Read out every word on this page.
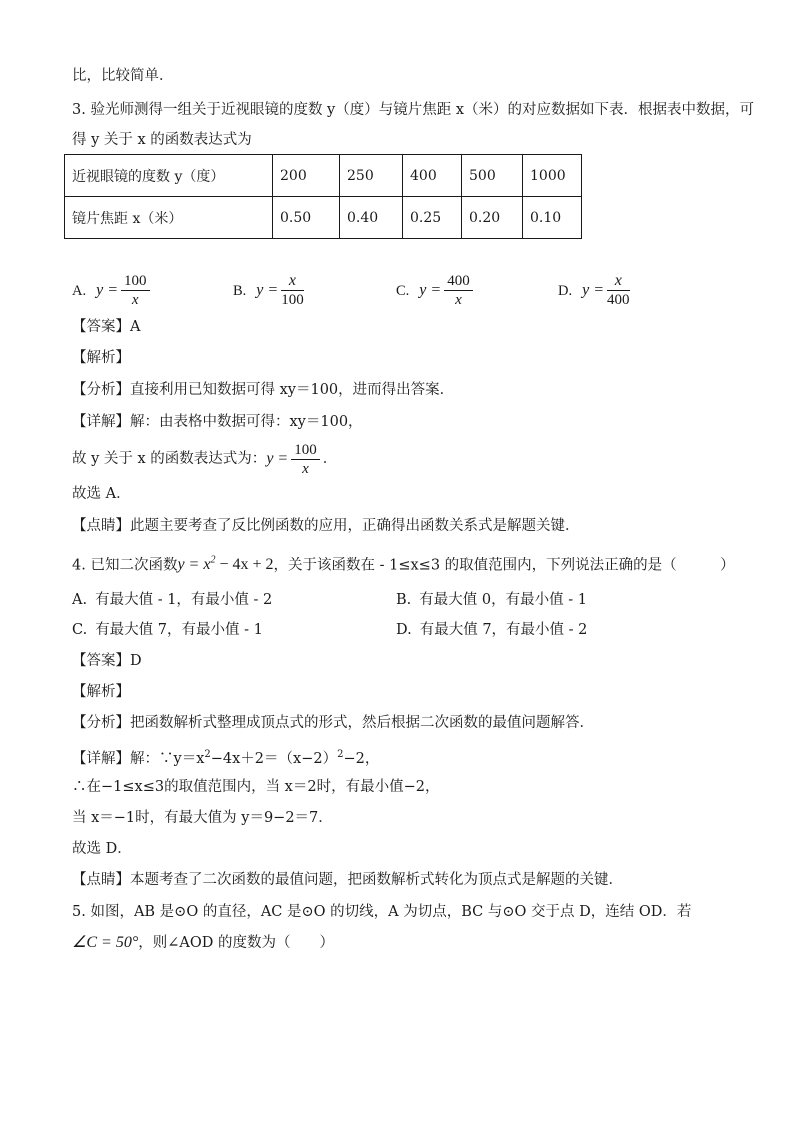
比，比较简单．
3. 验光师测得一组关于近视眼镜的度数 y（度）与镜片焦距 x（米）的对应数据如下表．根据表中数据，可
得 y 关于 x 的函数表达式为
近视眼镜的度数 y（度）	200	250	400	500	1000
镜片焦距 x（米）	0.50	0.40	0.25	0.20	0.10
A. $y = \frac{100}{x}$	B. $y = \frac{x}{100}$	C. $y = \frac{400}{x}$	D. $y = \frac{x}{400}$
【答案】A
【解析】
【分析】直接利用已知数据可得 xy＝100，进而得出答案．
【详解】解：由表格中数据可得：xy＝100，
故 y 关于 x 的函数表达式为：$y = \frac{100}{x}$ ．
故选 A．
【点睛】此题主要考查了反比例函数的应用，正确得出函数关系式是解题关键．
4. 已知二次函数$y = x^2 - 4x + 2$，关于该函数在 - 1≤x≤3 的取值范围内，下列说法正确的是（　　　）
A. 有最大值 - 1，有最小值 - 2	B. 有最大值 0，有最小值 - 1
C. 有最大值 7，有最小值 - 1	D. 有最大值 7，有最小值 - 2
【答案】D
【解析】
【分析】把函数解析式整理成顶点式的形式，然后根据二次函数的最值问题解答．
【详解】解：$\because y=x^2-4x+2=(x-2)^2-2$，
∴在−1≤x≤3的取值范围内，当 x＝2时，有最小值−2，
当 x＝−1时，有最大值为 y＝9−2＝7．
故选 D．
【点睛】本题考查了二次函数的最值问题，把函数解析式转化为顶点式是解题的关键．
5. 如图，AB 是⊙O 的直径，AC 是⊙O 的切线，A 为切点，BC 与⊙O 交于点 D，连结 OD．若
∠C = 50°，则∠AOD 的度数为（　　）
